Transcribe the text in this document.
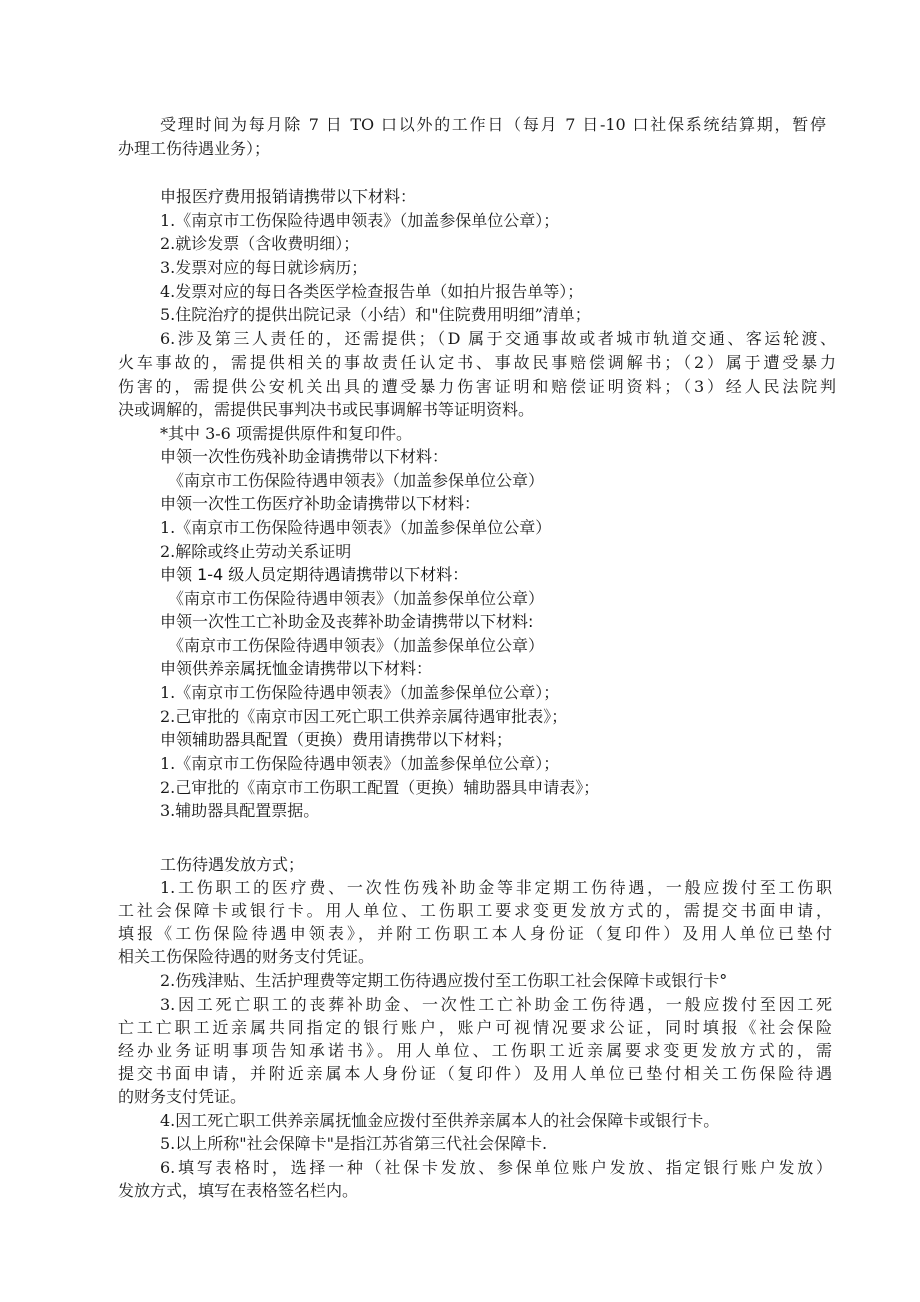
受理时间为每月除 7 日 TO 口以外的工作日（每月 7 日-10 口社保系统结算期，暂停
办理工伤待遇业务）；
申报医疗费用报销请携带以下材料：
1.《南京市工伤保险待遇申领表》（加盖参保单位公章）；
2.就诊发票（含收费明细）；
3.发票对应的每日就诊病历；
4.发票对应的每日各类医学检查报告单（如拍片报告单等）；
5.住院治疗的提供出院记录（小结）和"住院费用明细”清单；
6.涉及第三人责任的，还需提供；（D 属于交通事故或者城市轨道交通、客运轮渡、
火车事故的，需提供相关的事故责任认定书、事故民事赔偿调解书；（2）属于遭受暴力
伤害的，需提供公安机关出具的遭受暴力伤害证明和赔偿证明资料；（3）经人民法院判
决或调解的，需提供民事判决书或民事调解书等证明资料。
*其中 3-6 项需提供原件和复印件。
申领一次性伤残补助金请携带以下材料：
《南京市工伤保险待遇申领表》（加盖参保单位公章）
申领一次性工伤医疗补助金请携带以下材料：
1.《南京市工伤保险待遇申领表》（加盖参保单位公章）
2.解除或终止劳动关系证明
申领 1-4 级人员定期待遇请携带以下材料：
《南京市工伤保险待遇申领表》（加盖参保单位公章）
申领一次性工亡补助金及丧葬补助金请携带以下材料:
《南京市工伤保险待遇申领表》（加盖参保单位公章）
申领供养亲属抚恤金请携带以下材料：
1.《南京市工伤保险待遇申领表》（加盖参保单位公章）；
2.己审批的《南京市因工死亡职工供养亲属待遇审批表》；
申领辅助器具配置（更换）费用请携带以下材料；
1.《南京市工伤保险待遇申领表》（加盖参保单位公章）；
2.己审批的《南京市工伤职工配置（更换）辅助器具申请表》；
3.辅助器具配置票据。
工伤待遇发放方式；
1.工伤职工的医疗费、一次性伤残补助金等非定期工伤待遇，一般应拨付至工伤职
工社会保障卡或银行卡。用人单位、工伤职工要求变更发放方式的，需提交书面申请，
填报《工伤保险待遇申领表》，并附工伤职工本人身份证（复印件）及用人单位已垫付
相关工伤保险待遇的财务支付凭证。
2.伤残津贴、生活护理费等定期工伤待遇应拨付至工伤职工社会保障卡或银行卡°
3.因工死亡职工的丧葬补助金、一次性工亡补助金工伤待遇，一般应拨付至因工死
亡工亡职工近亲属共同指定的银行账户，账户可视情况要求公证，同时填报《社会保险
经办业务证明事项告知承诺书》。用人单位、工伤职工近亲属要求变更发放方式的，需
提交书面申请，并附近亲属本人身份证（复印件）及用人单位已垫付相关工伤保险待遇
的财务支付凭证。
4.因工死亡职工供养亲属抚恤金应拨付至供养亲属本人的社会保障卡或银行卡。
5.以上所称"社会保障卡"是指江苏省第三代社会保障卡.
6.填写表格时，选择一种（社保卡发放、参保单位账户发放、指定银行账户发放）
发放方式，填写在表格签名栏内。
